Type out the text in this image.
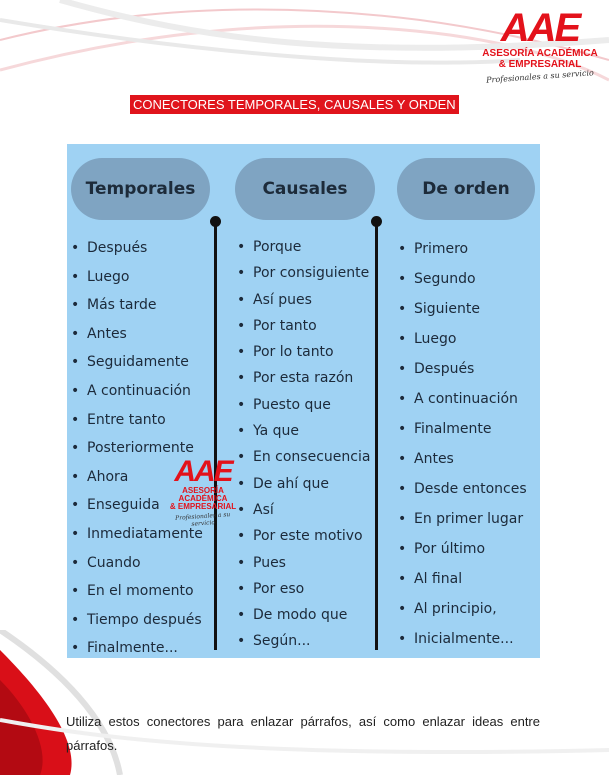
AAE
ASESORÍA ACADÉMICA
& EMPRESARIAL
Profesionales a su servicio
CONECTORES TEMPORALES, CAUSALES Y ORDEN
Temporales	Causales	De orden
• Después
• Luego
• Más tarde
• Antes
• Seguidamente
• A continuación
• Entre tanto
• Posteriormente
• Ahora
• Enseguida
• Inmediatamente
• Cuando
• En el momento
• Tiempo después
• Finalmente...
• Porque
• Por consiguiente
• Así pues
• Por tanto
• Por lo tanto
• Por esta razón
• Puesto que
• Ya que
• En consecuencia
• De ahí que
• Así
• Por este motivo
• Pues
• Por eso
• De modo que
• Según...
• Primero
• Segundo
• Siguiente
• Luego
• Después
• A continuación
• Finalmente
• Antes
• Desde entonces
• En primer lugar
• Por último
• Al final
• Al principio,
• Inicialmente...
AAE
ASESORÍA ACADÉMICA
& EMPRESARIAL
Profesionales a su servicio

Utiliza estos conectores para enlazar párrafos, así como enlazar ideas entre párrafos.
